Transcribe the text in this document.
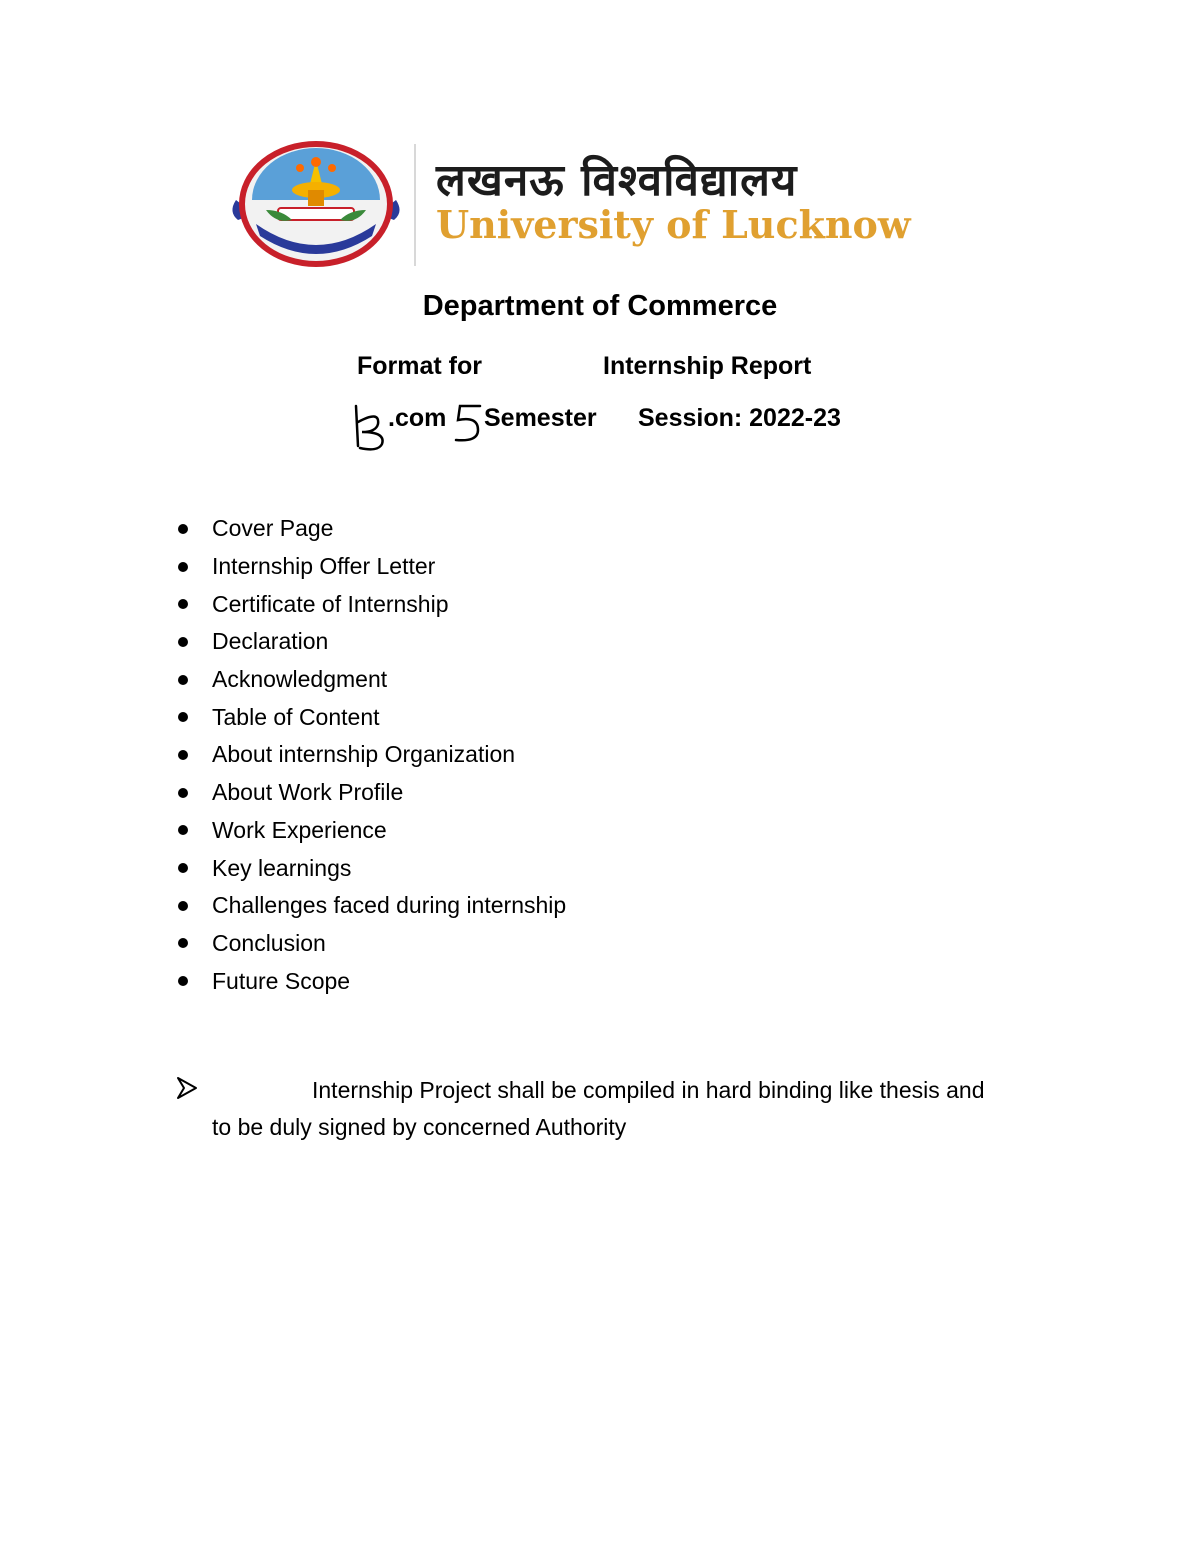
लखनऊ विश्वविद्यालय
University of Lucknow
Department of Commerce
Format for	Internship Report
.com Semester Session: 2022-23
Cover Page
Internship Offer Letter
Certificate of Internship
Declaration
Acknowledgment
Table of Content
About internship Organization
About Work Profile
Work Experience
Key learnings
Challenges faced during internship
Conclusion
Future Scope
Internship Project shall be compiled in hard binding like thesis and
to be duly signed by concerned Authority
